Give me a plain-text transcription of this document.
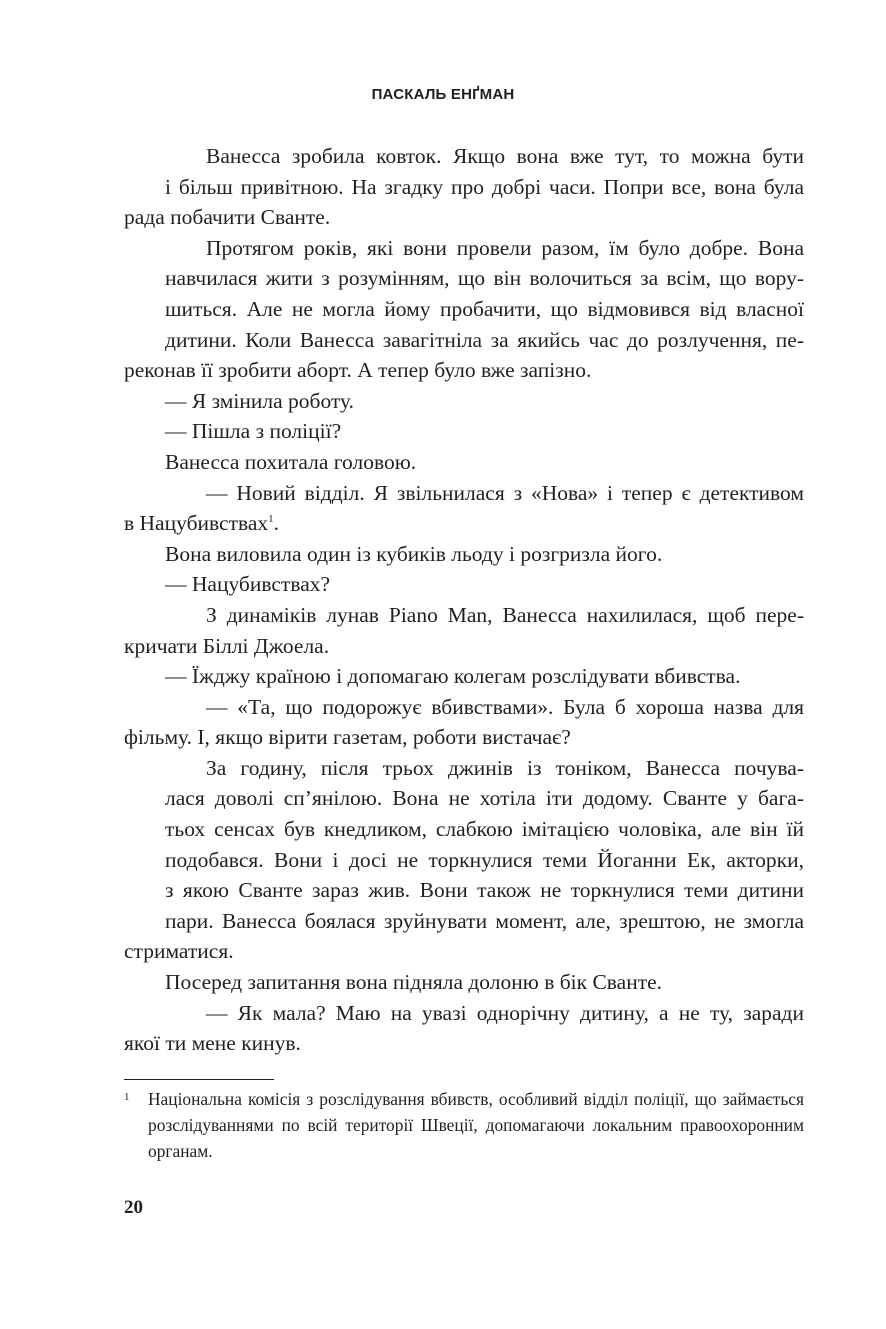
ПАСКАЛЬ ЕНҐМАН

Ванесса зробила ковток. Якщо вона вже тут, то можна бути
і більш привітною. На згадку про добрі часи. Попри все, вона була
рада побачити Сванте.

Протягом років, які вони провели разом, їм було добре. Вона
навчилася жити з розумінням, що він волочиться за всім, що вору-
шиться. Але не могла йому пробачити, що відмовився від власної
дитини. Коли Ванесса завагітніла за якийсь час до розлучення, пе-
реконав її зробити аборт. А тепер було вже запізно.

— Я змінила роботу.

— Пішла з поліції?

Ванесса похитала головою.

— Новий відділ. Я звільнилася з «Нова» і тепер є детективом
в Нацубивствах$^1$.

Вона виловила один із кубиків льоду і розгризла його.

— Нацубивствах?

З динаміків лунав Piano Man, Ванесса нахилилася, щоб пере-
кричати Біллі Джоела.

— Їжджу країною і допомагаю колегам розслідувати вбивства.

— «Та, що подорожує вбивствами». Була б хороша назва для
фільму. І, якщо вірити газетам, роботи вистачає?

За годину, після трьох джинів із тоніком, Ванесса почува-
лася доволі сп’янілою. Вона не хотіла іти додому. Сванте у бага-
тьох сенсах був кнедликом, слабкою імітацією чоловіка, але він їй
подобався. Вони і досі не торкнулися теми Йоганни Ек, акторки,
з якою Сванте зараз жив. Вони також не торкнулися теми дитини
пари. Ванесса боялася зруйнувати момент, але, зрештою, не змогла
стриматися.

Посеред запитання вона підняла долоню в бік Сванте.

— Як мала? Маю на увазі однорічну дитину, а не ту, заради
якої ти мене кинув.

1 Національна комісія з розслідування вбивств, особливий відділ поліції, що займається розслідуваннями по всій території Швеції, допомагаючи локальним правоохоронним органам.

20
